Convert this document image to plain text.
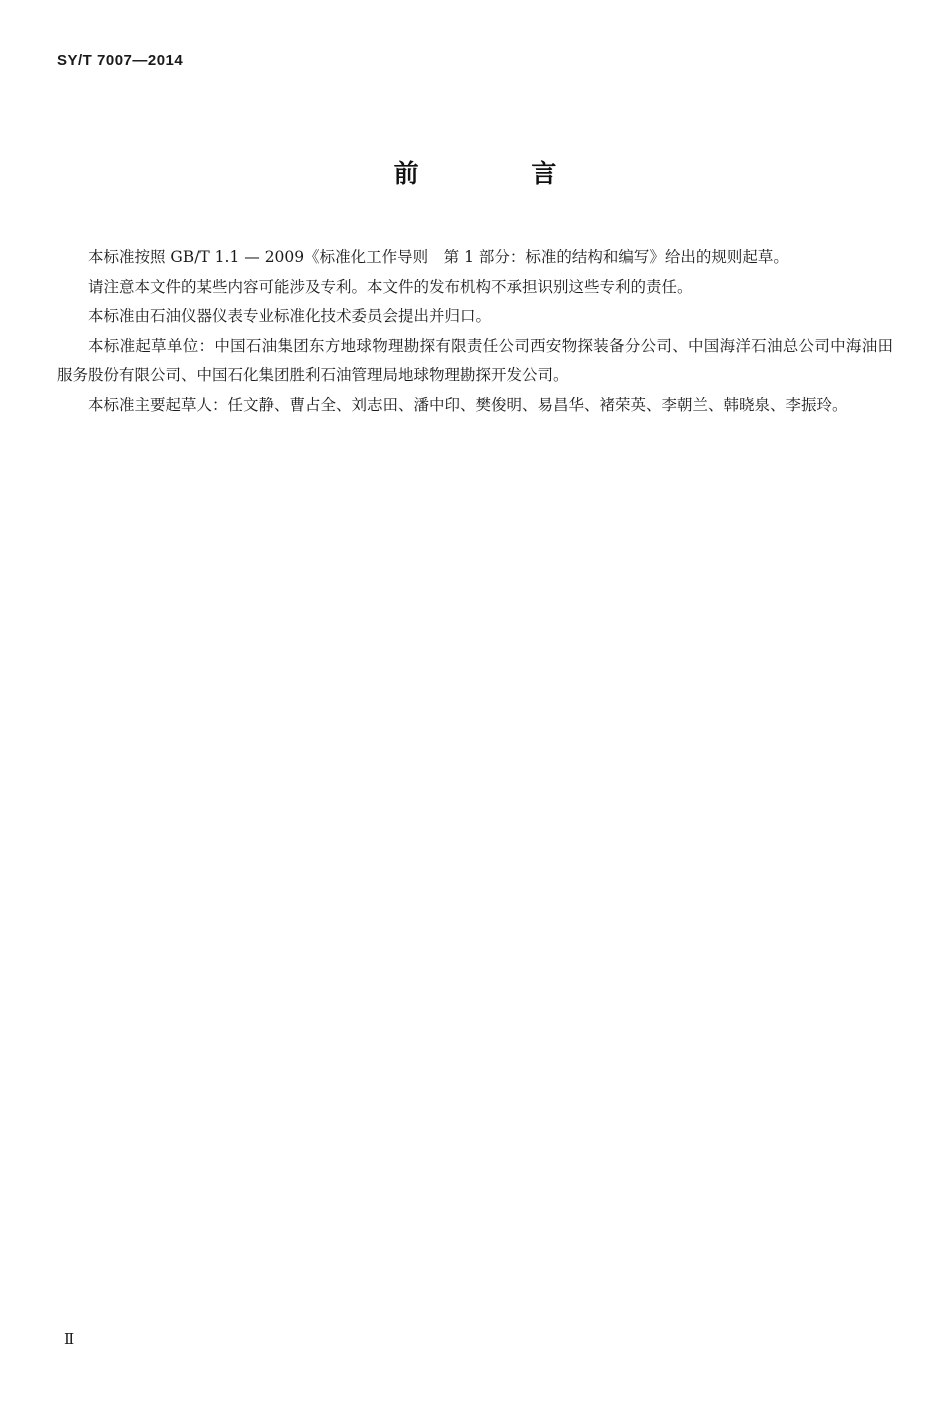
SY/T 7007—2014
前 言

本标准按照 GB/T 1.1 — 2009《标准化工作导则　第 1 部分：标准的结构和编写》给出的规则起草。

请注意本文件的某些内容可能涉及专利。本文件的发布机构不承担识别这些专利的责任。

本标准由石油仪器仪表专业标准化技术委员会提出并归口。

本标准起草单位：中国石油集团东方地球物理勘探有限责任公司西安物探装备分公司、中国海洋石油总公司中海油田服务股份有限公司、中国石化集团胜利石油管理局地球物理勘探开发公司。

本标准主要起草人：任文静、曹占全、刘志田、潘中印、樊俊明、易昌华、褚荣英、李朝兰、韩晓泉、李振玲。

Ⅱ
